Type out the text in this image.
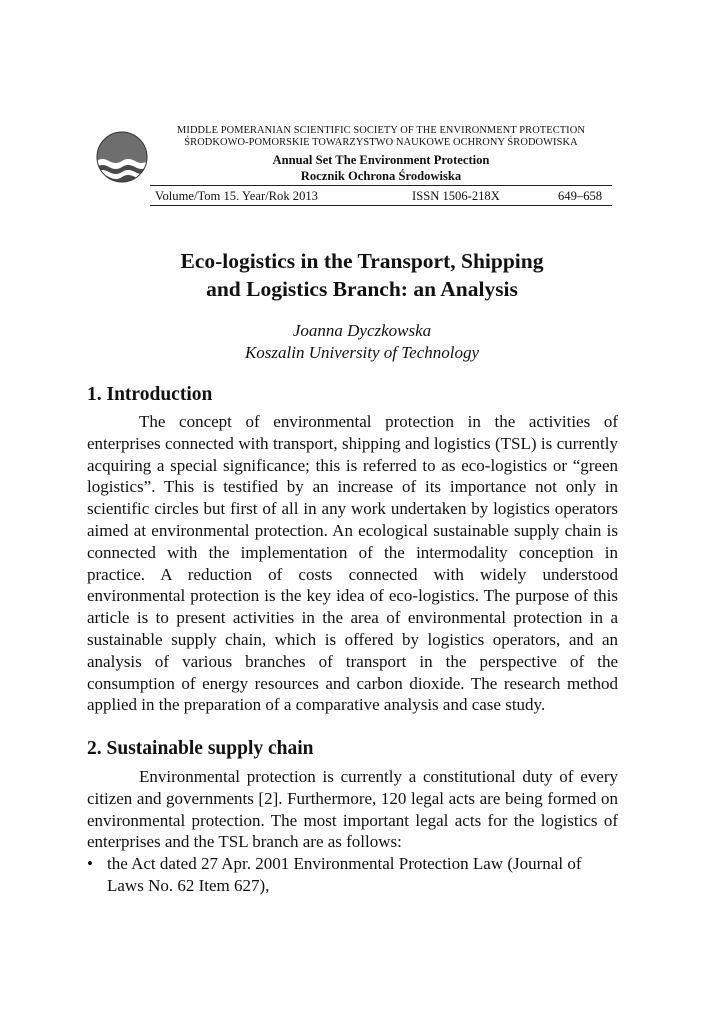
MIDDLE POMERANIAN SCIENTIFIC SOCIETY OF THE ENVIRONMENT PROTECTION
ŚRODKOWO-POMORSKIE TOWARZYSTWO NAUKOWE OCHRONY ŚRODOWISKA
Annual Set The Environment Protection
Rocznik Ochrona Środowiska
Volume/Tom 15. Year/Rok 2013	ISSN 1506-218X	649–658
Eco-logistics in the Transport, Shipping
and Logistics Branch: an Analysis
Joanna Dyczkowska
Koszalin University of Technology
1. Introduction
The concept of environmental protection in the activities of enterprises connected with transport, shipping and logistics (TSL) is currently acquiring a special significance; this is referred to as eco-logistics or “green logistics”. This is testified by an increase of its importance not only in scientific circles but first of all in any work undertaken by logistics operators aimed at environmental protection. An ecological sustainable supply chain is connected with the implementation of the intermodality conception in practice. A reduction of costs connected with widely understood environmental protection is the key idea of eco-logistics. The purpose of this article is to present activities in the area of environmental protection in a sustainable supply chain, which is offered by logistics operators, and an analysis of various branches of transport in the perspective of the consumption of energy resources and carbon dioxide. The research method applied in the preparation of a comparative analysis and case study.
2. Sustainable supply chain
Environmental protection is currently a constitutional duty of every citizen and governments [2]. Furthermore, 120 legal acts are being formed on environmental protection. The most important legal acts for the logistics of enterprises and the TSL branch are as follows:
• the Act dated 27 Apr. 2001 Environmental Protection Law (Journal of Laws No. 62 Item 627),
